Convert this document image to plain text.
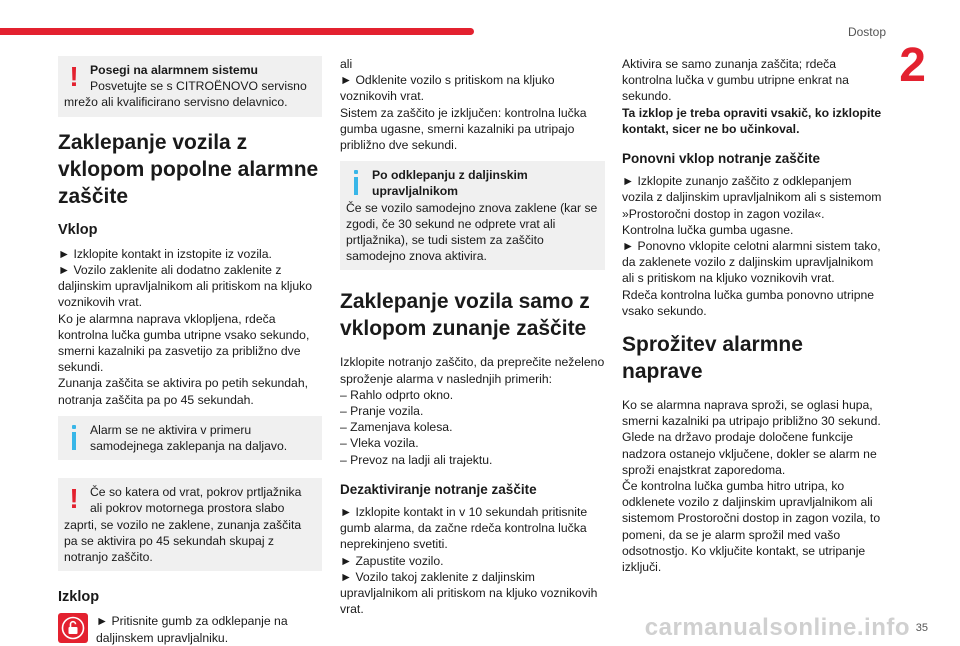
Dostop
2
! Posegi na alarmnem sistemu

Posvetujte se s CITROËNOVO servisno mrežo ali kvalificirano servisno delavnico.

Zaklepanje vozila z vklopom popolne alarmne zaščite
Vklop

► Izklopite kontakt in izstopite iz vozila.

► Vozilo zaklenite ali dodatno zaklenite z daljinskim upravljalnikom ali pritiskom na kljuko voznikovih vrat.

Ko je alarmna naprava vklopljena, rdeča kontrolna lučka gumba utripne vsako sekundo, smerni kazalniki pa zasvetijo za približno dve sekundi.

Zunanja zaščita se aktivira po petih sekundah, notranja zaščita pa po 45 sekundah.

Alarm se ne aktivira v primeru samodejnega zaklepanja na daljavo.

! Če so katera od vrat, pokrov prtljažnika ali pokrov motornega prostora slabo zaprti, se vozilo ne zaklene, zunanja zaščita pa se aktivira po 45 sekundah skupaj z notranjo zaščito.

Izklop

► Pritisnite gumb za odklepanje na daljinskem upravljalniku.

ali

► Odklenite vozilo s pritiskom na kljuko voznikovih vrat.

Sistem za zaščito je izključen: kontrolna lučka gumba ugasne, smerni kazalniki pa utripajo približno dve sekundi.

Po odklepanju z daljinskim upravljalnikom

Če se vozilo samodejno znova zaklene (kar se zgodi, če 30 sekund ne odprete vrat ali prtljažnika), se tudi sistem za zaščito samodejno znova aktivira.

Zaklepanje vozila samo z vklopom zunanje zaščite

Izklopite notranjo zaščito, da preprečite neželeno sproženje alarma v naslednjih primerih:

– Rahlo odprto okno.

– Pranje vozila.

– Zamenjava kolesa.

– Vleka vozila.

– Prevoz na ladji ali trajektu.

Dezaktiviranje notranje zaščite

► Izklopite kontakt in v 10 sekundah pritisnite gumb alarma, da začne rdeča kontrolna lučka neprekinjeno svetiti.

► Zapustite vozilo.

► Vozilo takoj zaklenite z daljinskim upravljalnikom ali pritiskom na kljuko voznikovih vrat.

Aktivira se samo zunanja zaščita; rdeča kontrolna lučka v gumbu utripne enkrat na sekundo.

Ta izklop je treba opraviti vsakič, ko izklopite kontakt, sicer ne bo učinkoval.

Ponovni vklop notranje zaščite

► Izklopite zunanjo zaščito z odklepanjem vozila z daljinskim upravljalnikom ali s sistemom »Prostoročni dostop in zagon vozila«.

Kontrolna lučka gumba ugasne.

► Ponovno vklopite celotni alarmni sistem tako, da zaklenete vozilo z daljinskim upravljalnikom ali s pritiskom na kljuko voznikovih vrat.

Rdeča kontrolna lučka gumba ponovno utripne vsako sekundo.

Sprožitev alarmne naprave

Ko se alarmna naprava sproži, se oglasi hupa, smerni kazalniki pa utripajo približno 30 sekund.

Glede na državo prodaje določene funkcije nadzora ostanejo vključene, dokler se alarm ne sproži enajstkrat zaporedoma.

Če kontrolna lučka gumba hitro utripa, ko odklenete vozilo z daljinskim upravljalnikom ali sistemom Prostoročni dostop in zagon vozila, to pomeni, da se je alarm sprožil med vašo odsotnostjo. Ko vključite kontakt, se utripanje izključi.

carmanualsonline.info 35
